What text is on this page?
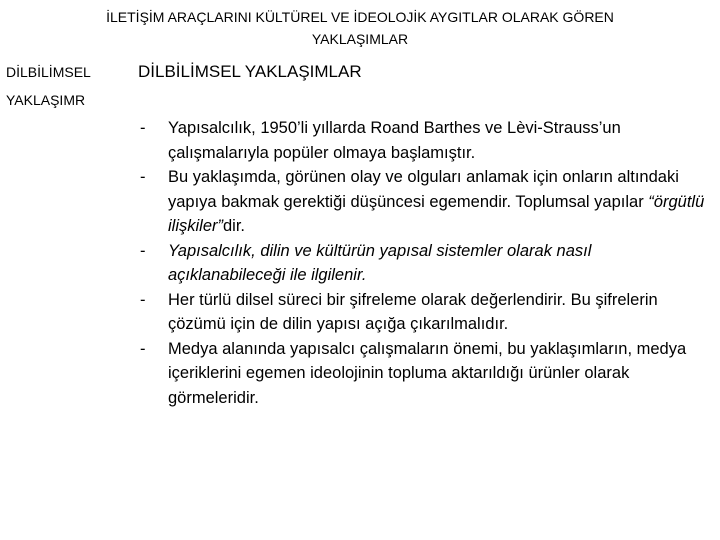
İLETİŞİM ARAÇLARINI KÜLTÜREL VE İDEOLOJİK AYGITLAR OLARAK GÖREN
YAKLAŞIMLAR
DİLBİLİMSEL
YAKLAŞIMR
DİLBİLİMSEL YAKLAŞIMLAR
- Yapısalcılık, 1950’li yıllarda Roand Barthes ve Lèvi-Strauss’un çalışmalarıyla popüler olmaya başlamıştır.
- Bu yaklaşımda, görünen olay ve olguları anlamak için onların altındaki yapıya bakmak gerektiği düşüncesi egemendir. Toplumsal yapılar “örgütlü ilişkiler”dir.
- Yapısalcılık, dilin ve kültürün yapısal sistemler olarak nasıl açıklanabileceği ile ilgilenir.
- Her türlü dilsel süreci bir şifreleme olarak değerlendirir. Bu şifrelerin çözümü için de dilin yapısı açığa çıkarılmalıdır.
- Medya alanında yapısalcı çalışmaların önemi, bu yaklaşımların, medya içeriklerini egemen ideolojinin topluma aktarıldığı ürünler olarak görmeleridir.
